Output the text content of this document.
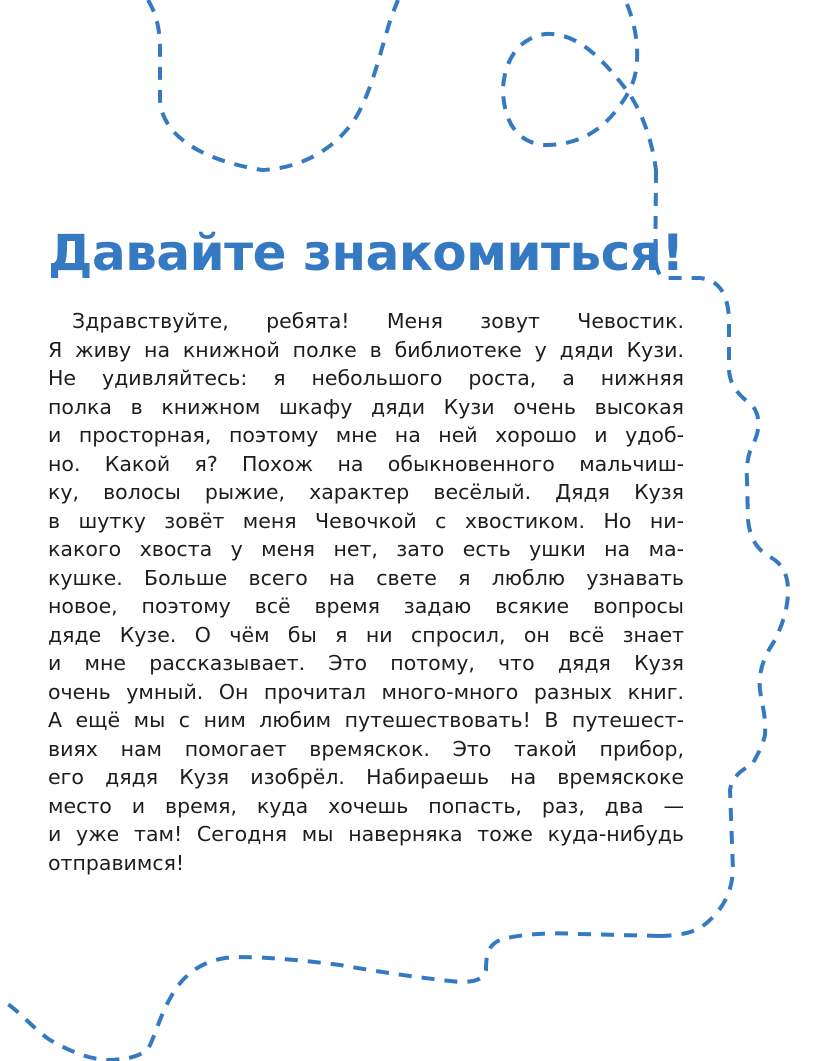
Давайте знакомиться!
Здравствуйте, ребята! Меня зовут Чевостик.
Я живу на книжной полке в библиотеке у дяди Кузи.
Не удивляйтесь: я небольшого роста, а нижняя
полка в книжном шкафу дяди Кузи очень высокая
и просторная, поэтому мне на ней хорошо и удоб-
но. Какой я? Похож на обыкновенного мальчиш-
ку, волосы рыжие, характер весёлый. Дядя Кузя
в шутку зовёт меня Чевочкой с хвостиком. Но ни-
какого хвоста у меня нет, зато есть ушки на ма-
кушке. Больше всего на свете я люблю узнавать
новое, поэтому всё время задаю всякие вопросы
дяде Кузе. О чём бы я ни спросил, он всё знает
и мне рассказывает. Это потому, что дядя Кузя
очень умный. Он прочитал много-много разных книг.
А ещё мы с ним любим путешествовать! В путешест-
виях нам помогает времяскок. Это такой прибор,
его дядя Кузя изобрёл. Набираешь на времяскоке
место и время, куда хочешь попасть, раз, два —
и уже там! Сегодня мы наверняка тоже куда-нибудь
отправимся!
